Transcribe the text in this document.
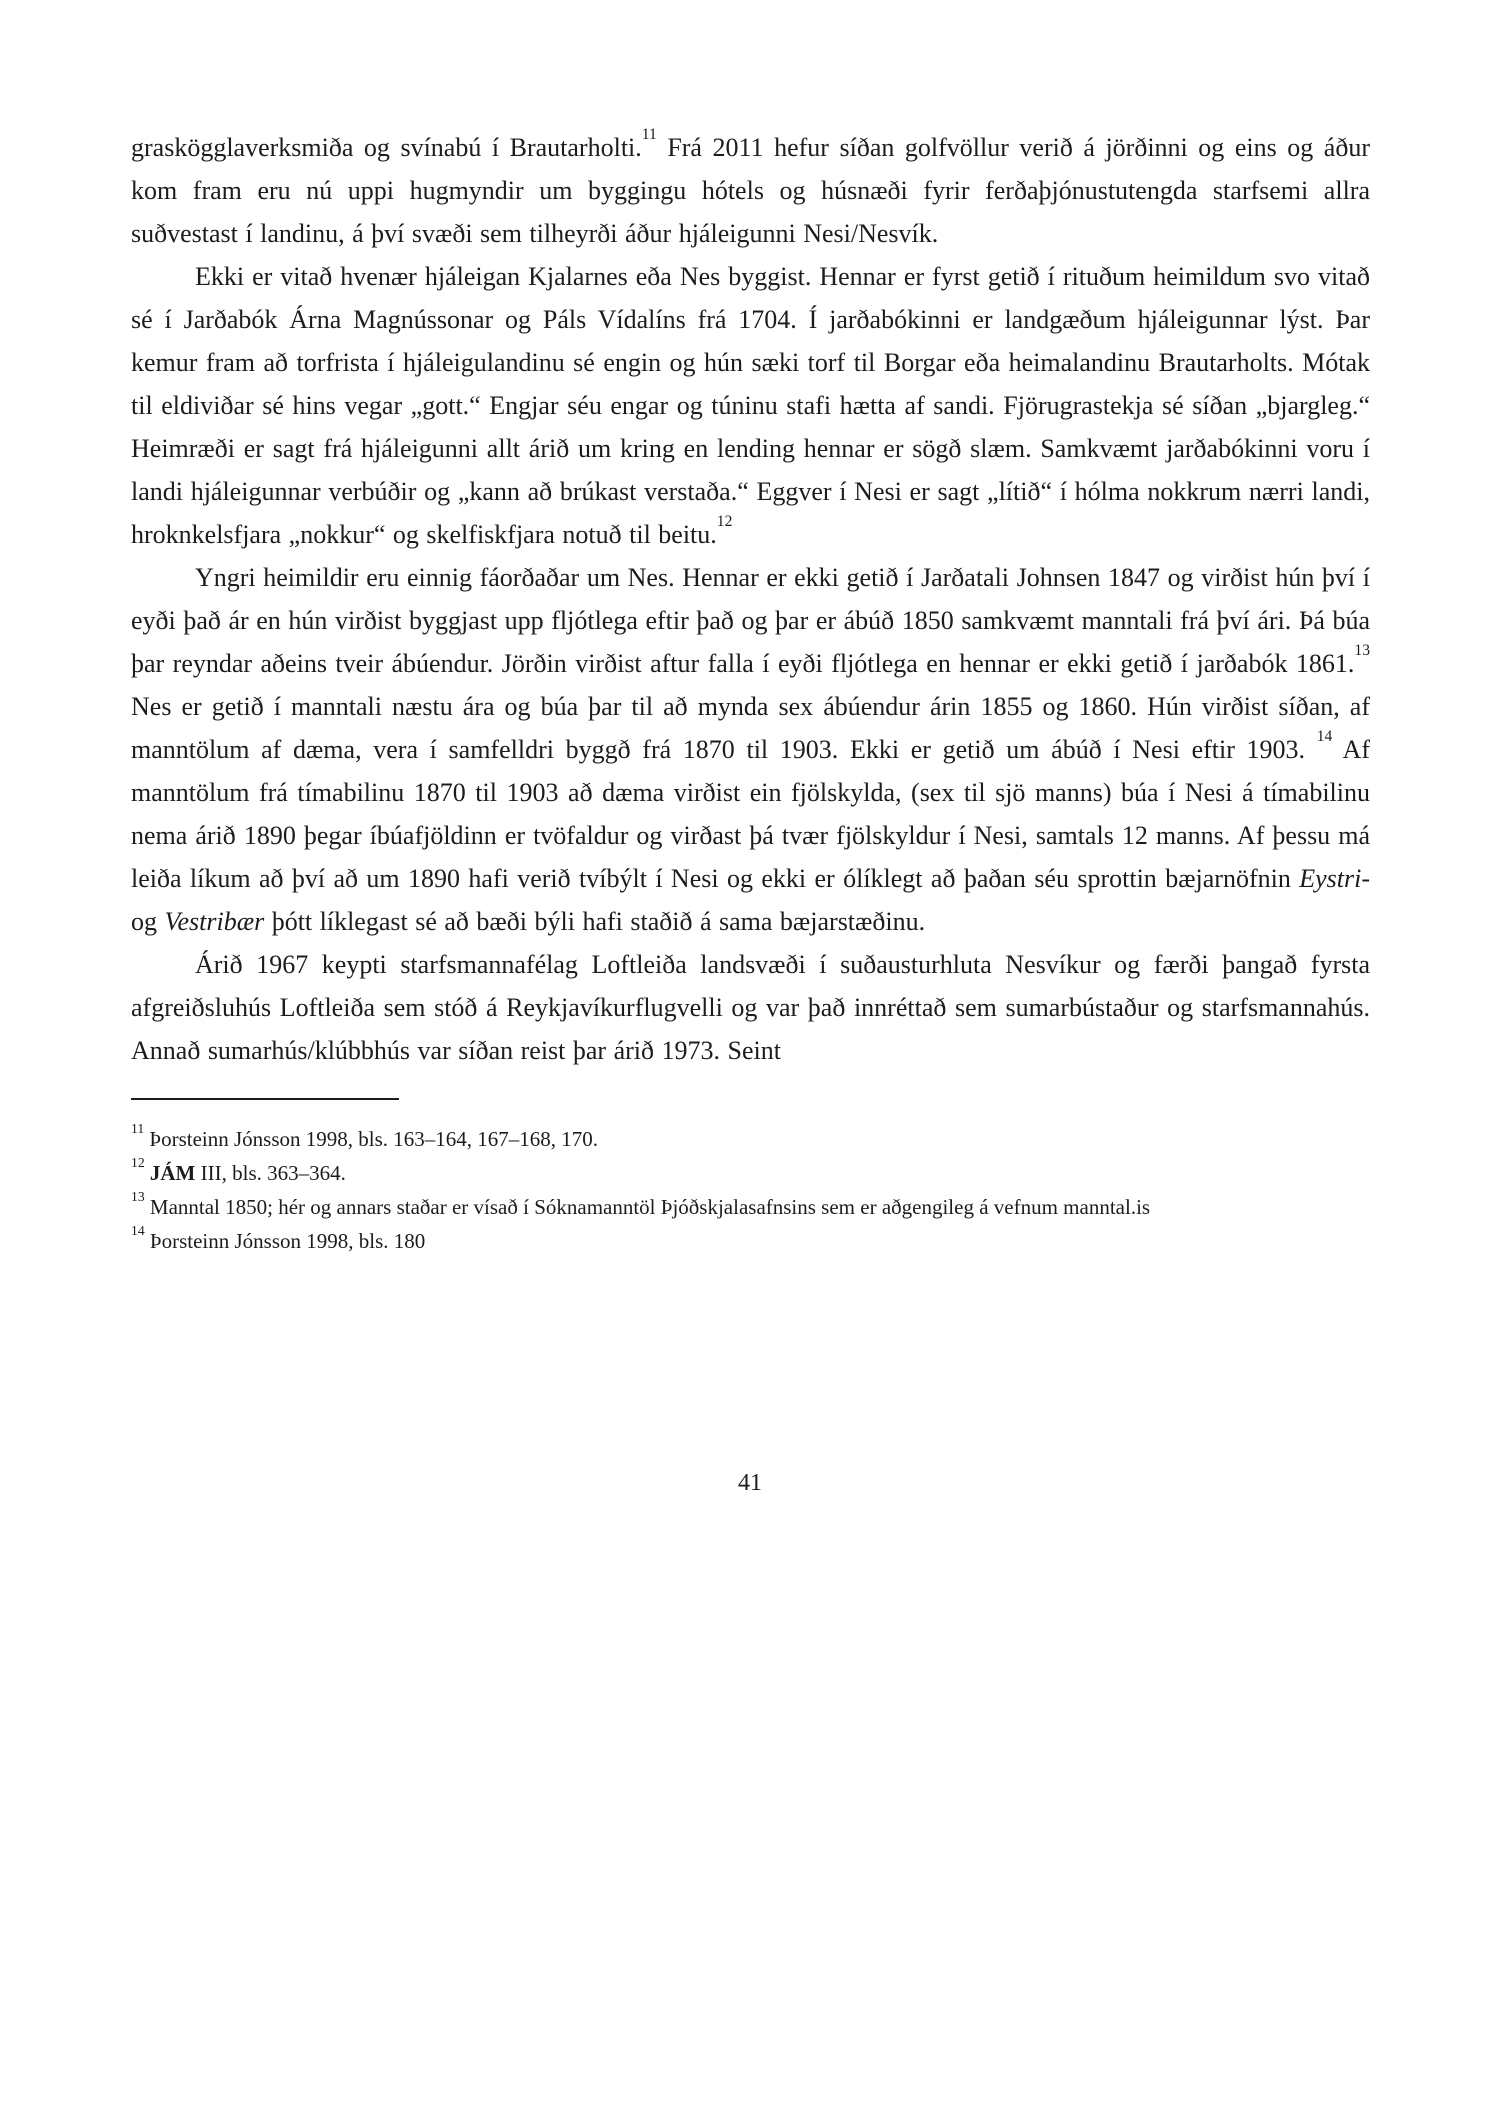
graskögglaverksmiða og svínabú í Brautarholti.$^{11}$ Frá 2011 hefur síðan golfvöllur verið á jörðinni og eins og áður kom fram eru nú uppi hugmyndir um byggingu hótels og húsnæði fyrir ferðaþjónustutengda starfsemi allra suðvestast í landinu, á því svæði sem tilheyrði áður hjáleigunni Nesi/Nesvík.

Ekki er vitað hvenær hjáleigan Kjalarnes eða Nes byggist. Hennar er fyrst getið í rituðum heimildum svo vitað sé í Jarðabók Árna Magnússonar og Páls Vídalíns frá 1704. Í jarðabókinni er landgæðum hjáleigunnar lýst. Þar kemur fram að torfrista í hjáleigulandinu sé engin og hún sæki torf til Borgar eða heimalandinu Brautarholts. Mótak til eldiviðar sé hins vegar „gott.“ Engjar séu engar og túninu stafi hætta af sandi. Fjörugrastekja sé síðan „bjargleg.“ Heimræði er sagt frá hjáleigunni allt árið um kring en lending hennar er sögð slæm. Samkvæmt jarðabókinni voru í landi hjáleigunnar verbúðir og „kann að brúkast verstaða.“ Eggver í Nesi er sagt „lítið“ í hólma nokkrum nærri landi, hroknkelsfjara „nokkur“ og skelfiskfjara notuð til beitu.$^{12}$

Yngri heimildir eru einnig fáorðaðar um Nes. Hennar er ekki getið í Jarðatali Johnsen 1847 og virðist hún því í eyði það ár en hún virðist byggjast upp fljótlega eftir það og þar er ábúð 1850 samkvæmt manntali frá því ári. Þá búa þar reyndar aðeins tveir ábúendur. Jörðin virðist aftur falla í eyði fljótlega en hennar er ekki getið í jarðabók 1861.13 Nes er getið í manntali næstu ára og búa þar til að mynda sex ábúendur árin 1855 og 1860. Hún virðist síðan, af manntölum af dæma, vera í samfelldri byggð frá 1870 til 1903. Ekki er getið um ábúð í Nesi eftir 1903. $^{14}$ Af manntölum frá tímabilinu 1870 til 1903 að dæma virðist ein fjölskylda, (sex til sjö manns) búa í Nesi á tímabilinu nema árið 1890 þegar íbúafjöldinn er tvöfaldur og virðast þá tvær fjölskyldur í Nesi, samtals 12 manns. Af þessu má leiða líkum að því að um 1890 hafi verið tvíbýlt í Nesi og ekki er ólíklegt að þaðan séu sprottin bæjarnöfnin Eystri- og Vestribær þótt líklegast sé að bæði býli hafi staðið á sama bæjarstæðinu.

Árið 1967 keypti starfsmannafélag Loftleiða landsvæði í suðausturhluta Nesvíkur og færði þangað fyrsta afgreiðsluhús Loftleiða sem stóð á Reykjavíkurflugvelli og var það innréttað sem sumarbústaður og starfsmannahús. Annað sumarhús/klúbbhús var síðan reist þar árið 1973. Seint

$^{11}$ Þorsteinn Jónsson 1998, bls. 163–164, 167–168, 170.

$^{12}$ JÁM III, bls. 363–364.

$^{13}$ Manntal 1850; hér og annars staðar er vísað í Sóknamanntöl Þjóðskjalasafnsins sem er aðgengileg á vefnum manntal.is

$^{14}$ Þorsteinn Jónsson 1998, bls. 180

41
